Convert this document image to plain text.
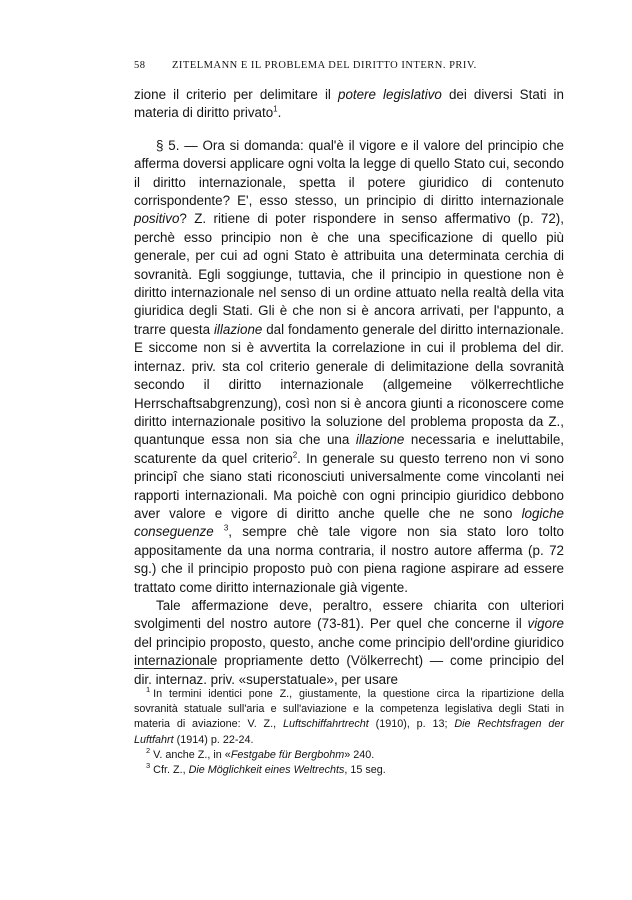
58	ZITELMANN E IL PROBLEMA DEL DIRITTO INTERN. PRIV.

zione il criterio per delimitare il potere legislativo dei diversi Stati in materia di diritto privato$^1$.

§ 5. — Ora si domanda: qual'è il vigore e il valore del principio che afferma doversi applicare ogni volta la legge di quello Stato cui, secondo il diritto internazionale, spetta il potere giuridico di contenuto corrispondente? E', esso stesso, un principio di diritto internazionale positivo? Z. ritiene di poter rispondere in senso affermativo (p. 72), perchè esso principio non è che una specificazione di quello più generale, per cui ad ogni Stato è attribuita una determinata cerchia di sovranità. Egli soggiunge, tuttavia, che il principio in questione non è diritto internazionale nel senso di un ordine attuato nella realtà della vita giuridica degli Stati. Gli è che non si è ancora arrivati, per l'appunto, a trarre questa illazione dal fondamento generale del diritto internazionale. E siccome non si è avvertita la correlazione in cui il problema del dir. internaz. priv. sta col criterio generale di delimitazione della sovranità secondo il diritto internazionale (allgemeine völkerrechtliche Herrschaftsabgrenzung), così non si è ancora giunti a riconoscere come diritto internazionale positivo la soluzione del problema proposta da Z., quantunque essa non sia che una illazione necessaria e ineluttabile, scaturente da quel criterio$^2$. In generale su questo terreno non vi sono principî che siano stati riconosciuti universalmente come vincolanti nei rapporti internazionali. Ma poichè con ogni principio giuridico debbono aver valore e vigore di diritto anche quelle che ne sono logiche conseguenze $^3$, sempre chè tale vigore non sia stato loro tolto appositamente da una norma contraria, il nostro autore afferma (p. 72 sg.) che il principio proposto può con piena ragione aspirare ad essere trattato come diritto internazionale già vigente.

Tale affermazione deve, peraltro, essere chiarita con ulteriori svolgimenti del nostro autore (73-81). Per quel che concerne il vigore del principio proposto, questo, anche come principio dell'ordine giuridico internazionale propriamente detto (Völkerrecht) — come principio del dir. internaz. priv. «superstatuale», per usare

$^1$ In termini identici pone Z., giustamente, la questione circa la ripartizione della sovranità statuale sull'aria e sull'aviazione e la competenza legislativa degli Stati in materia di aviazione: V. Z., Luftschiffahrtrecht (1910), p. 13; Die Rechtsfragen der Luftfahrt (1914) p. 22-24.

$^2$ V. anche Z., in «Festgabe für Bergbohm» 240.

$^3$ Cfr. Z., Die Möglichkeit eines Weltrechts, 15 seg.
